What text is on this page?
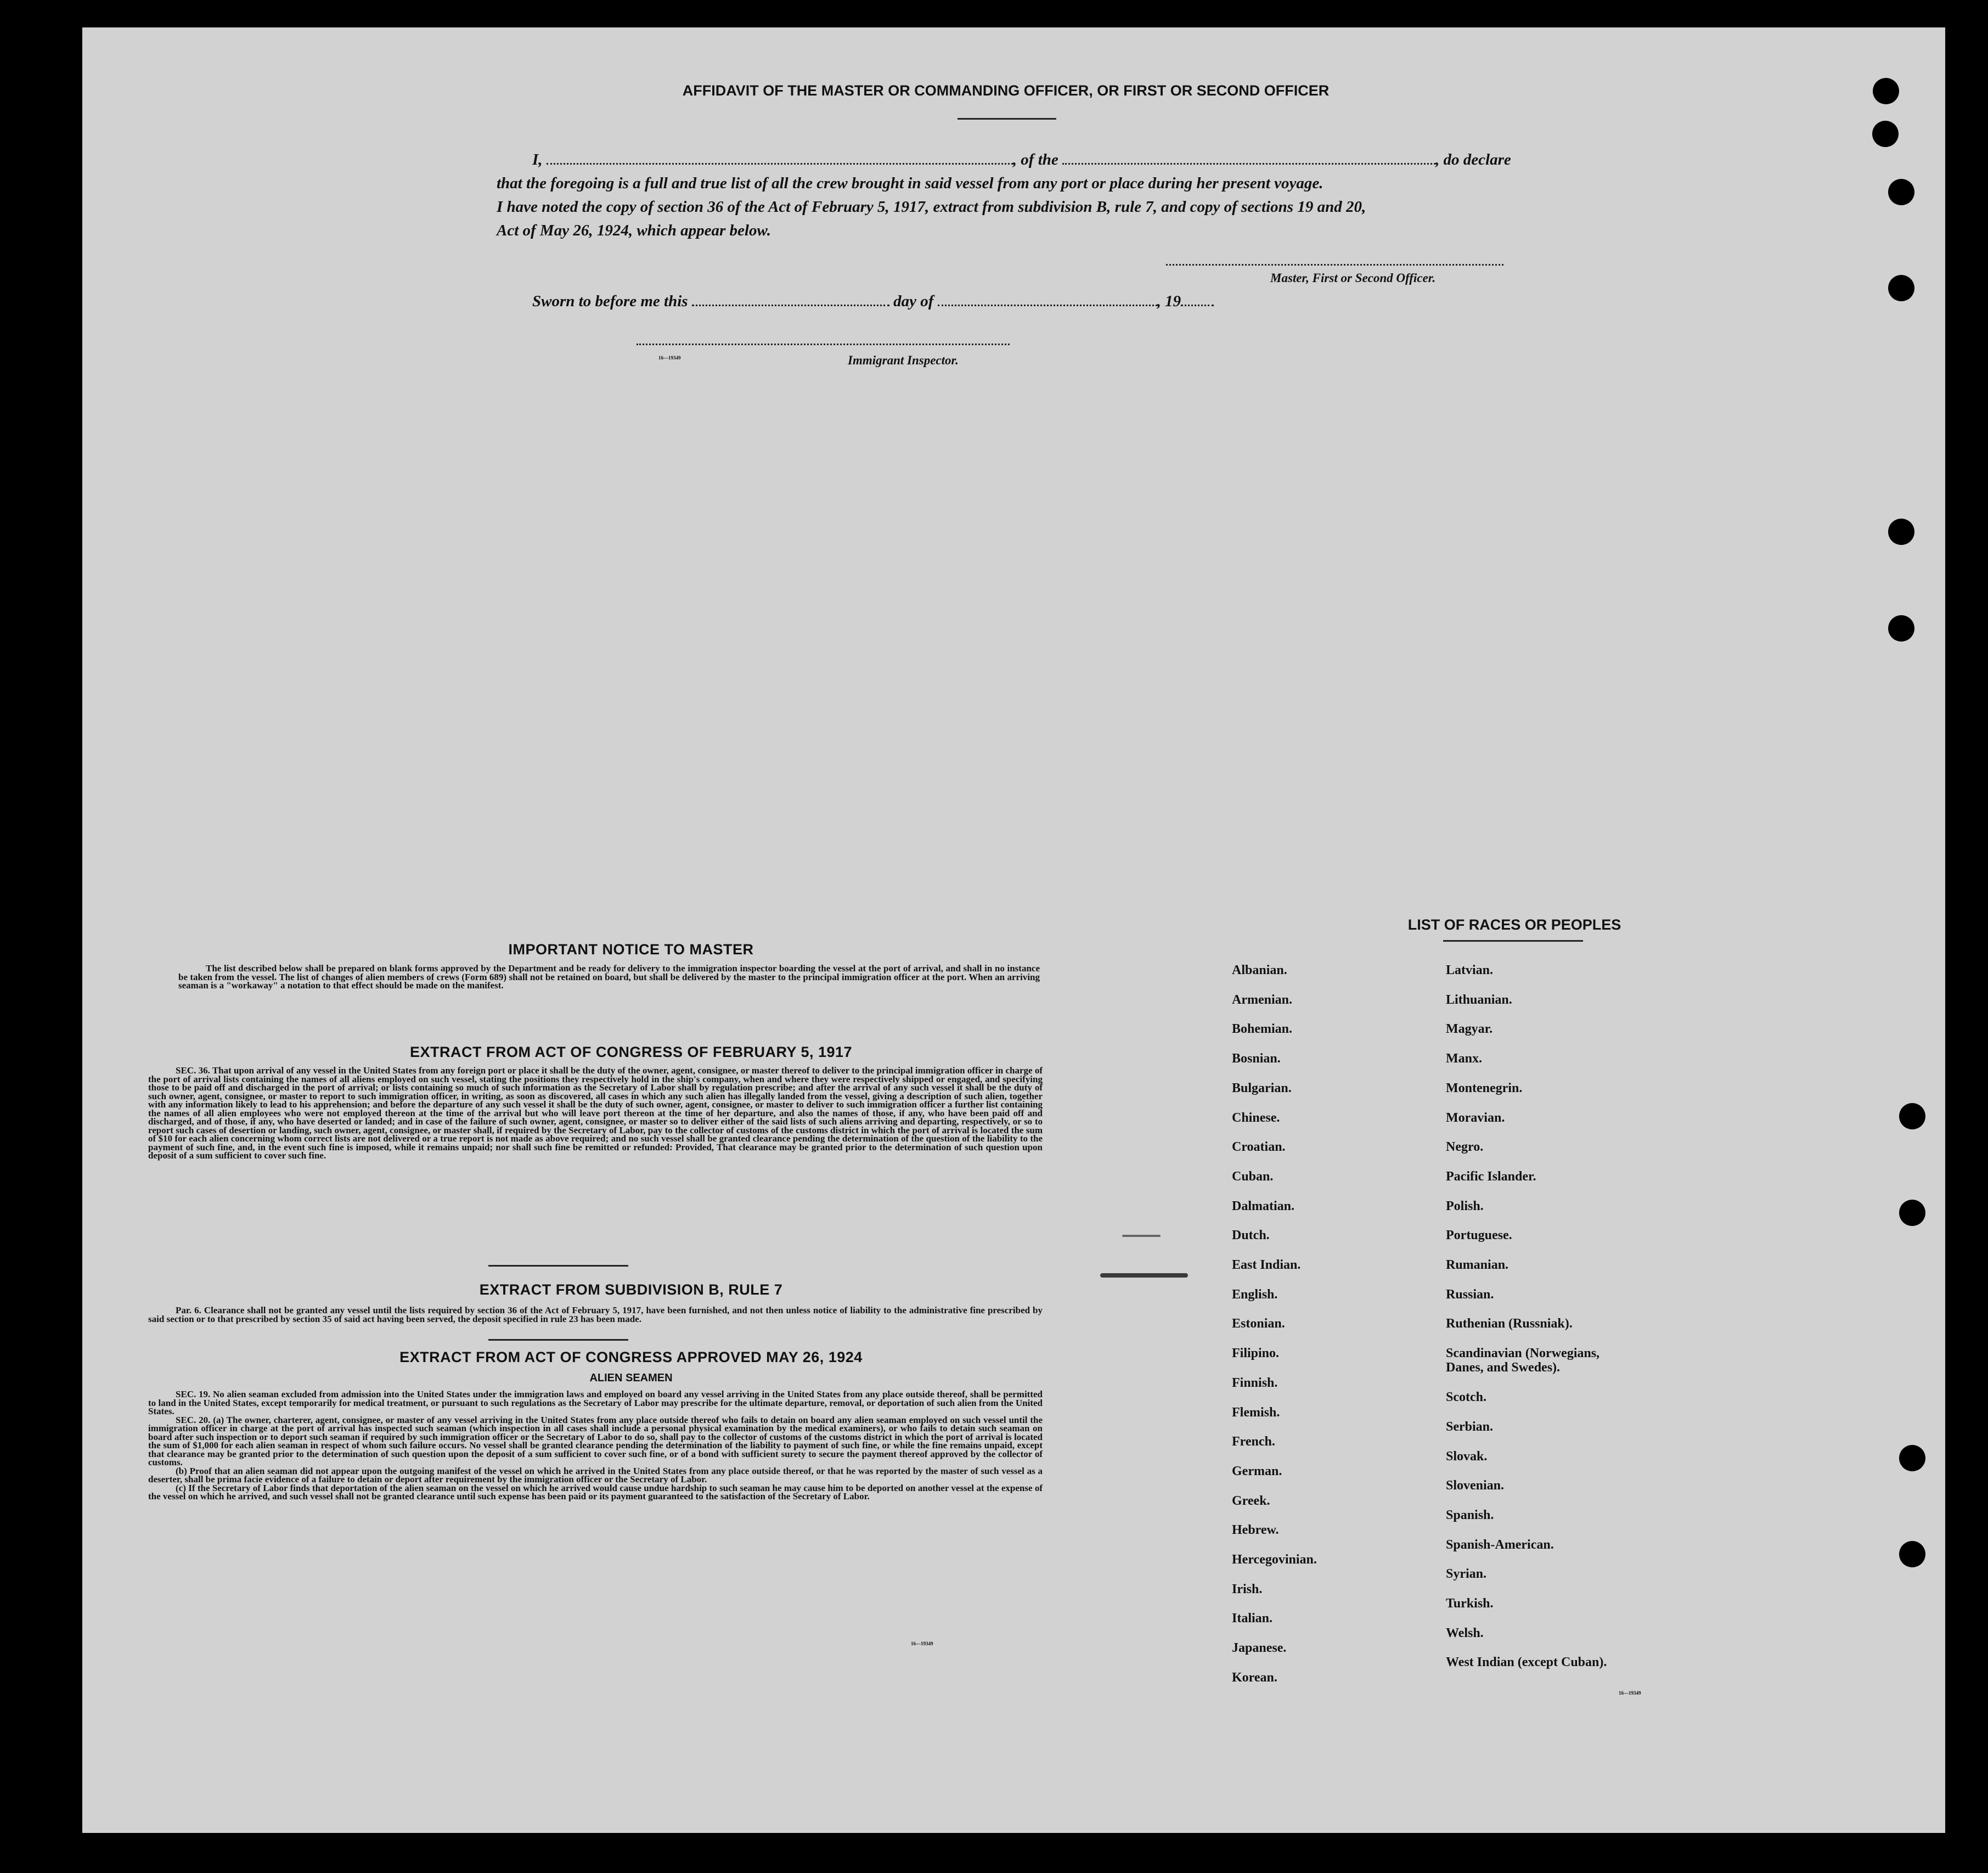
AFFIDAVIT OF THE MASTER OR COMMANDING OFFICER, OR FIRST OR SECOND OFFICER
I,	, of the	, do declare
that the foregoing is a full and true list of all the crew brought in said vessel from any port or place during her present voyage.
I have noted the copy of section 36 of the Act of February 5, 1917, extract from subdivision B, rule 7, and copy of sections 19 and 20,
Act of May 26, 1924, which appear below.
Master, First or Second Officer.
Sworn to before me this	day of	, 19
16—19349	Immigrant Inspector.
IMPORTANT NOTICE TO MASTER

The list described below shall be prepared on blank forms approved by the Department and be ready for delivery to the immigration inspector boarding the vessel at the port of arrival, and shall in no instance be taken from the vessel. The list of changes of alien members of crews (Form 689) shall not be retained on board, but shall be delivered by the master to the principal immigration officer at the port. When an arriving seaman is a "workaway" a notation to that effect should be made on the manifest.

EXTRACT FROM ACT OF CONGRESS OF FEBRUARY 5, 1917

SEC. 36. That upon arrival of any vessel in the United States from any foreign port or place it shall be the duty of the owner, agent, consignee, or master thereof to deliver to the principal immigration officer in charge of the port of arrival lists containing the names of all aliens employed on such vessel, stating the positions they respectively hold in the ship's company, when and where they were respectively shipped or engaged, and specifying those to be paid off and discharged in the port of arrival; or lists containing so much of such information as the Secretary of Labor shall by regulation prescribe; and after the arrival of any such vessel it shall be the duty of such owner, agent, consignee, or master to report to such immigration officer, in writing, as soon as discovered, all cases in which any such alien has illegally landed from the vessel, giving a description of such alien, together with any information likely to lead to his apprehension; and before the departure of any such vessel it shall be the duty of such owner, agent, consignee, or master to deliver to such immigration officer a further list containing the names of all alien employees who were not employed thereon at the time of the arrival but who will leave port thereon at the time of her departure, and also the names of those, if any, who have been paid off and discharged, and of those, if any, who have deserted or landed; and in case of the failure of such owner, agent, consignee, or master so to deliver either of the said lists of such aliens arriving and departing, respectively, or so to report such cases of desertion or landing, such owner, agent, consignee, or master shall, if required by the Secretary of Labor, pay to the collector of customs of the customs district in which the port of arrival is located the sum of $10 for each alien concerning whom correct lists are not delivered or a true report is not made as above required; and no such vessel shall be granted clearance pending the determination of the question of the liability to the payment of such fine, and, in the event such fine is imposed, while it remains unpaid; nor shall such fine be remitted or refunded: Provided, That clearance may be granted prior to the determination of such question upon deposit of a sum sufficient to cover such fine.

EXTRACT FROM SUBDIVISION B, RULE 7

Par. 6. Clearance shall not be granted any vessel until the lists required by section 36 of the Act of February 5, 1917, have been furnished, and not then unless notice of liability to the administrative fine prescribed by said section or to that prescribed by section 35 of said act having been served, the deposit specified in rule 23 has been made.

EXTRACT FROM ACT OF CONGRESS APPROVED MAY 26, 1924
ALIEN SEAMEN

SEC. 19. No alien seaman excluded from admission into the United States under the immigration laws and employed on board any vessel arriving in the United States from any place outside thereof, shall be permitted to land in the United States, except temporarily for medical treatment, or pursuant to such regulations as the Secretary of Labor may prescribe for the ultimate departure, removal, or deportation of such alien from the United States.

SEC. 20. (a) The owner, charterer, agent, consignee, or master of any vessel arriving in the United States from any place outside thereof who fails to detain on board any alien seaman employed on such vessel until the immigration officer in charge at the port of arrival has inspected such seaman (which inspection in all cases shall include a personal physical examination by the medical examiners), or who fails to detain such seaman on board after such inspection or to deport such seaman if required by such immigration officer or the Secretary of Labor to do so, shall pay to the collector of customs of the customs district in which the port of arrival is located the sum of $1,000 for each alien seaman in respect of whom such failure occurs. No vessel shall be granted clearance pending the determination of the liability to payment of such fine, or while the fine remains unpaid, except that clearance may be granted prior to the determination of such question upon the deposit of a sum sufficient to cover such fine, or of a bond with sufficient surety to secure the payment thereof approved by the collector of customs.

(b) Proof that an alien seaman did not appear upon the outgoing manifest of the vessel on which he arrived in the United States from any place outside thereof, or that he was reported by the master of such vessel as a deserter, shall be prima facie evidence of a failure to detain or deport after requirement by the immigration officer or the Secretary of Labor.

(c) If the Secretary of Labor finds that deportation of the alien seaman on the vessel on which he arrived would cause undue hardship to such seaman he may cause him to be deported on another vessel at the expense of the vessel on which he arrived, and such vessel shall not be granted clearance until such expense has been paid or its payment guaranteed to the satisfaction of the Secretary of Labor.

16—19349
LIST OF RACES OR PEOPLES
Albanian.
Armenian.
Bohemian.
Bosnian.
Bulgarian.
Chinese.
Croatian.
Cuban.
Dalmatian.
Dutch.
East Indian.
English.
Estonian.
Filipino.
Finnish.
Flemish.
French.
German.
Greek.
Hebrew.
Hercegovinian.
Irish.
Italian.
Japanese.
Korean.
Latvian.
Lithuanian.
Magyar.
Manx.
Montenegrin.
Moravian.
Negro.
Pacific Islander.
Polish.
Portuguese.
Rumanian.
Russian.
Ruthenian (Russniak).
Scandinavian (Norwegians,
Danes, and Swedes).
Scotch.
Serbian.
Slovak.
Slovenian.
Spanish.
Spanish-American.
Syrian.
Turkish.
Welsh.
West Indian (except Cuban).
16—19349
